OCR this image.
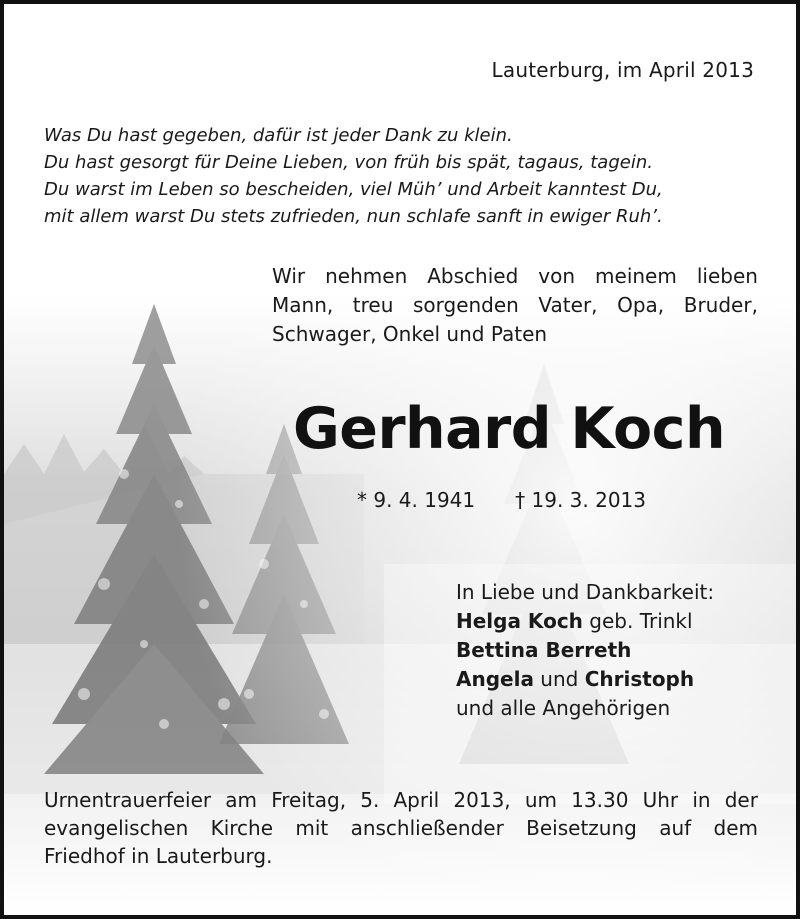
Lauterburg, im April 2013
Was Du hast gegeben, dafür ist jeder Dank zu klein.
Du hast gesorgt für Deine Lieben, von früh bis spät, tagaus, tagein.
Du warst im Leben so bescheiden, viel Müh’ und Arbeit kanntest Du,
mit allem warst Du stets zufrieden, nun schlafe sanft in ewiger Ruh’.
Wir nehmen Abschied von meinem lieben
Mann, treu sorgenden Vater, Opa, Bruder,
Schwager, Onkel und Paten
Gerhard Koch
* 9. 4. 1941 † 19. 3. 2013
In Liebe und Dankbarkeit:
Helga Koch geb. Trinkl
Bettina Berreth
Angela und Christoph
und alle Angehörigen
Urnentrauerfeier am Freitag, 5. April 2013, um 13.30 Uhr in der
evangelischen Kirche mit anschließender Beisetzung auf dem
Friedhof in Lauterburg.
